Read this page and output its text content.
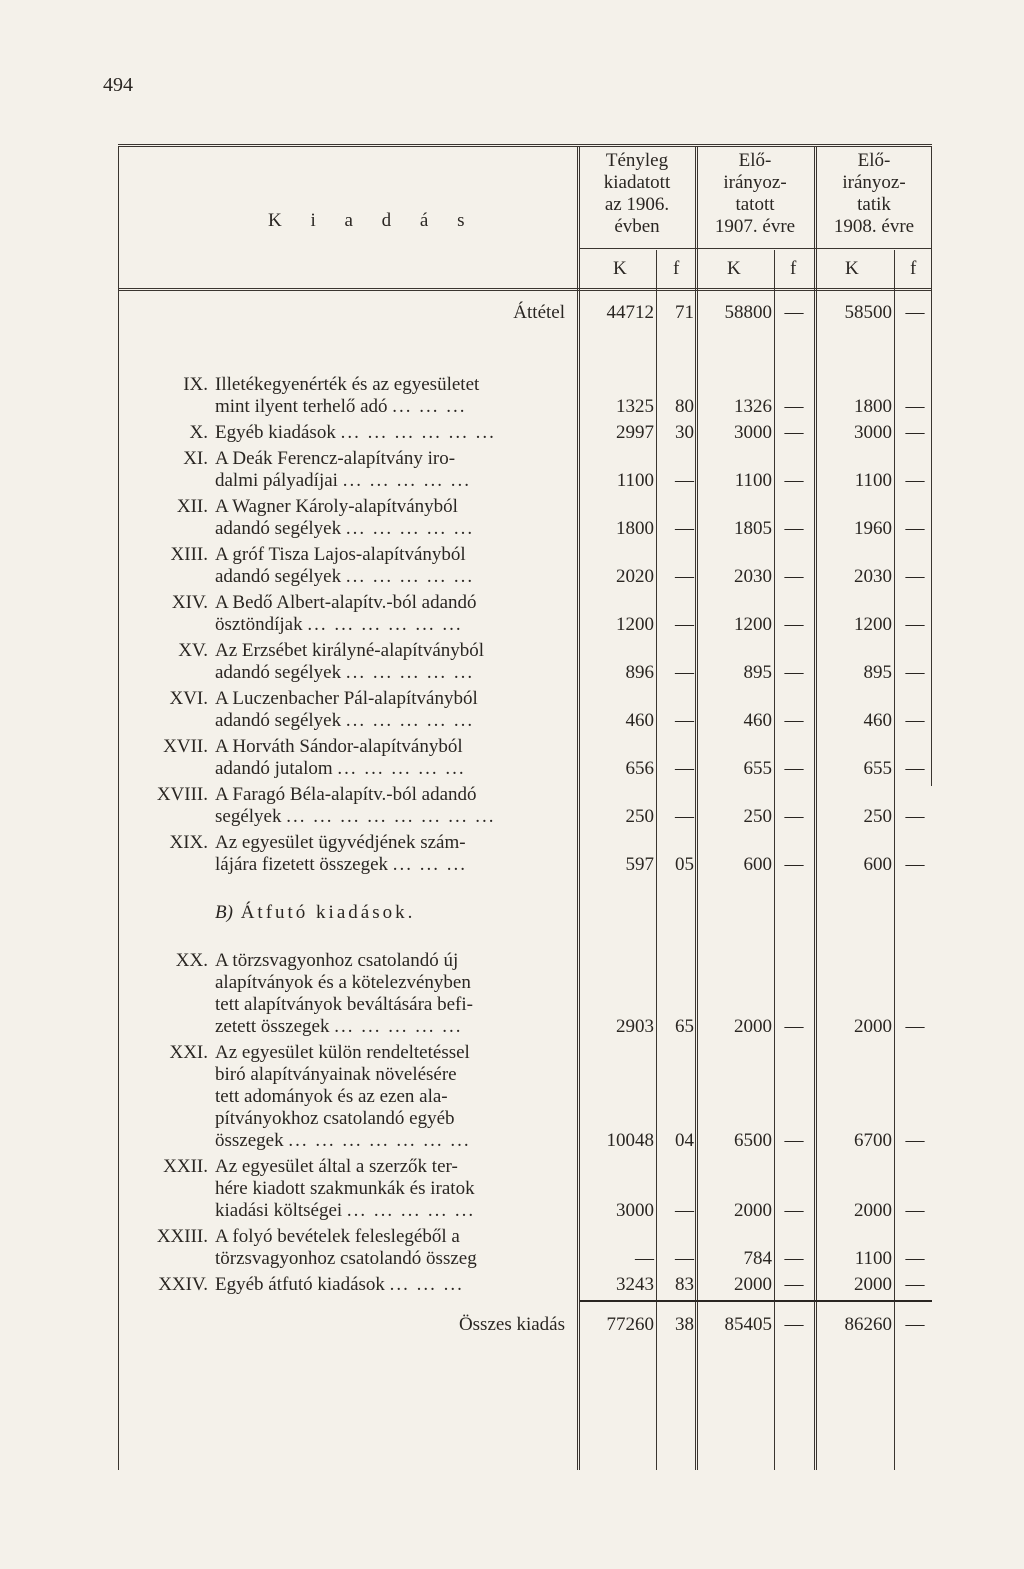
494
K i a d á s
Tényleg
kiadatott
az 1906.
évben
Elő-
irányoz-
tatott
1907. évre
Elő-
irányoz-
tatik
1908. évre
K f	K	f	K	f
Áttétel	44712	71	58800 —	58500 —
IX. Illetékegyenérték és az egyesületet
mint ilyent terhelő adó ... ... ...	1325	80	1326 —	1800 —
X. Egyéb kiadások ... ... ... ... ... ...	2997	30	3000 —	3000 —
XI. A Deák Ferencz-alapítvány iro-
dalmi pályadíjai ... ... ... ... ...	1100	—	1100 —	1100 —
XII. A Wagner Károly-alapítványból
adandó segélyek ... ... ... ... ...	1800	—	1805 —	1960 —
XIII. A gróf Tisza Lajos-alapítványból
adandó segélyek ... ... ... ... ...	2020	—	2030 —	2030 —
XIV. A Bedő Albert-alapítv.-ból adandó
ösztöndíjak ... ... ... ... ... ...	1200	—	1200 —	1200 —
XV. Az Erzsébet királyné-alapítványból
adandó segélyek ... ... ... ... ...	896	—	895 —	895 —
XVI. A Luczenbacher Pál-alapítványból
adandó segélyek ... ... ... ... ...	460	—	460 —	460 —
XVII. A Horváth Sándor-alapítványból
adandó jutalom ... ... ... ... ...	656	—	655 —	655 —
XVIII. A Faragó Béla-alapítv.-ból adandó
segélyek ... ... ... ... ... ... ... ...	250	—	250 —	250 —
XIX. Az egyesület ügyvédjének szám-
lájára fizetett összegek ... ... ...	597	05	600 —	600 —
B) Átfutó kiadások.
XX. A törzsvagyonhoz csatolandó új
alapítványok és a kötelezvényben
tett alapítványok beváltására befi-
zetett összegek ... ... ... ... ...	2903	65	2000 —	2000 —
XXI. Az egyesület külön rendeltetéssel
biró alapítványainak növelésére
tett adományok és az ezen ala-
pítványokhoz csatolandó egyéb
összegek ... ... ... ... ... ... ...	10048	04	6500 —	6700 —
XXII. Az egyesület által a szerzők ter-
hére kiadott szakmunkák és iratok
kiadási költségei ... ... ... ... ...	3000	—	2000 —	2000 —
XXIII. A folyó bevételek feleslegéből a
törzsvagyonhoz csatolandó összeg	—	—	784 —	1100 —
XXIV. Egyéb átfutó kiadások ... ... ...	3243	83	2000 —	2000 —
Összes kiadás	77260	38	85405 —	86260 —
